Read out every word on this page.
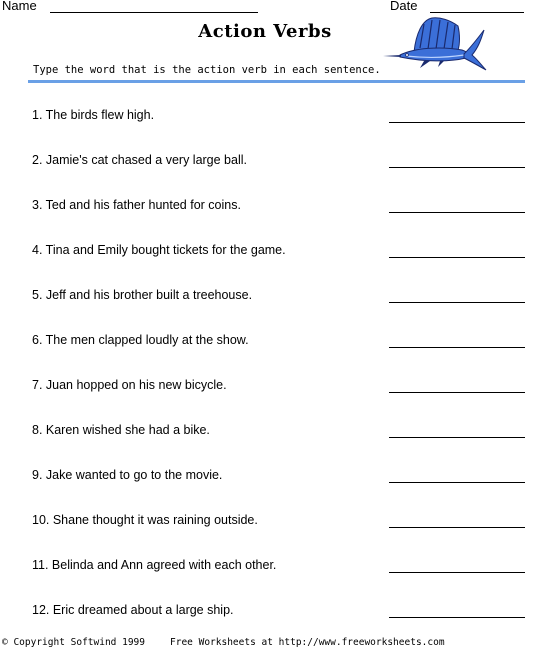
Name	Date
Action Verbs
Type the word that is the action verb in each sentence.
1. The birds flew high.
2. Jamie's cat chased a very large ball.
3. Ted and his father hunted for coins.
4. Tina and Emily bought tickets for the game.
5. Jeff and his brother built a treehouse.
6. The men clapped loudly at the show.
7. Juan hopped on his new bicycle.
8. Karen wished she had a bike.
9. Jake wanted to go to the movie.
10. Shane thought it was raining outside.
11. Belinda and Ann agreed with each other.
12. Eric dreamed about a large ship.
© Copyright Softwind 1999	Free Worksheets at http://www.freeworksheets.com
